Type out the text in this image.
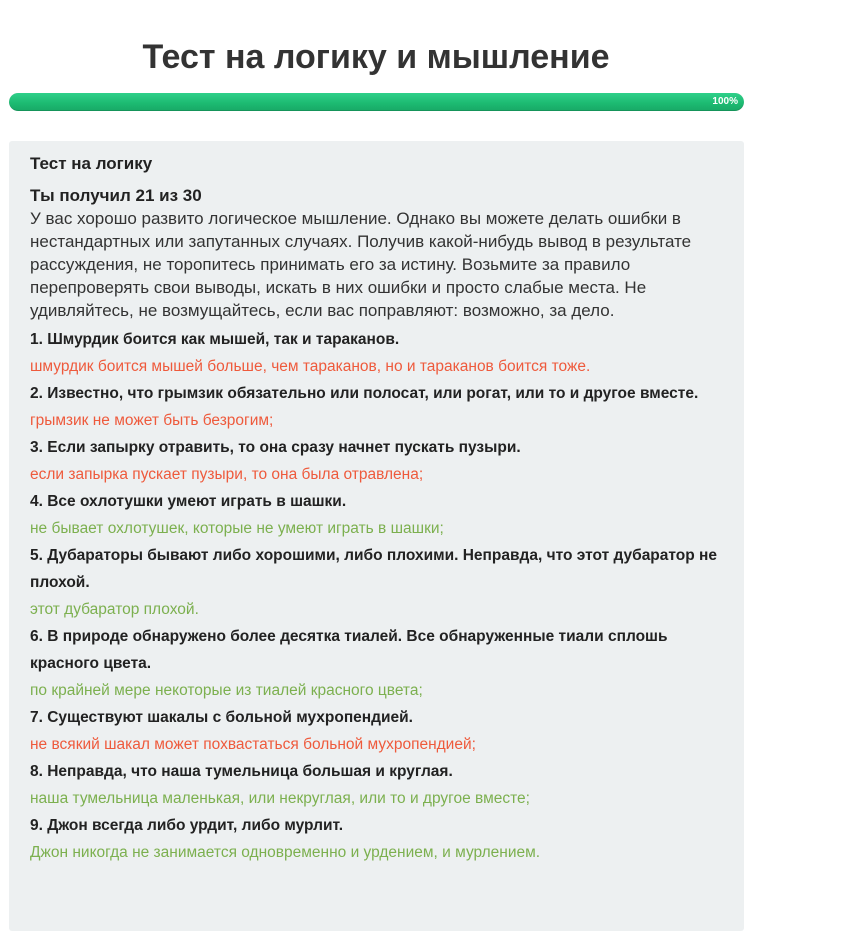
Тест на логику и мышление
100%
Тест на логику
Ты получил 21 из 30
У вас хорошо развито логическое мышление. Однако вы можете делать ошибки в нестандартных или запутанных случаях. Получив какой-нибудь вывод в результате рассуждения, не торопитесь принимать его за истину. Возьмите за правило перепроверять свои выводы, искать в них ошибки и просто слабые места. Не удивляйтесь, не возмущайтесь, если вас поправляют: возможно, за дело.
1. Шмурдик боится как мышей, так и тараканов.
шмурдик боится мышей больше, чем тараканов, но и тараканов боится тоже.
2. Известно, что грымзик обязательно или полосат, или рогат, или то и другое вместе.
грымзик не может быть безрогим;
3. Если запырку отравить, то она сразу начнет пускать пузыри.
если запырка пускает пузыри, то она была отравлена;
4. Все охлотушки умеют играть в шашки.
не бывает охлотушек, которые не умеют играть в шашки;
5. Дубараторы бывают либо хорошими, либо плохими. Неправда, что этот дубаратор не плохой.
этот дубаратор плохой.
6. В природе обнаружено более десятка тиалей. Все обнаруженные тиали сплошь красного цвета.
по крайней мере некоторые из тиалей красного цвета;
7. Существуют шакалы с больной мухропендией.
не всякий шакал может похвастаться больной мухропендией;
8. Неправда, что наша тумельница большая и круглая.
наша тумельница маленькая, или некруглая, или то и другое вместе;
9. Джон всегда либо урдит, либо мурлит.
Джон никогда не занимается одновременно и урдением, и мурлением.
